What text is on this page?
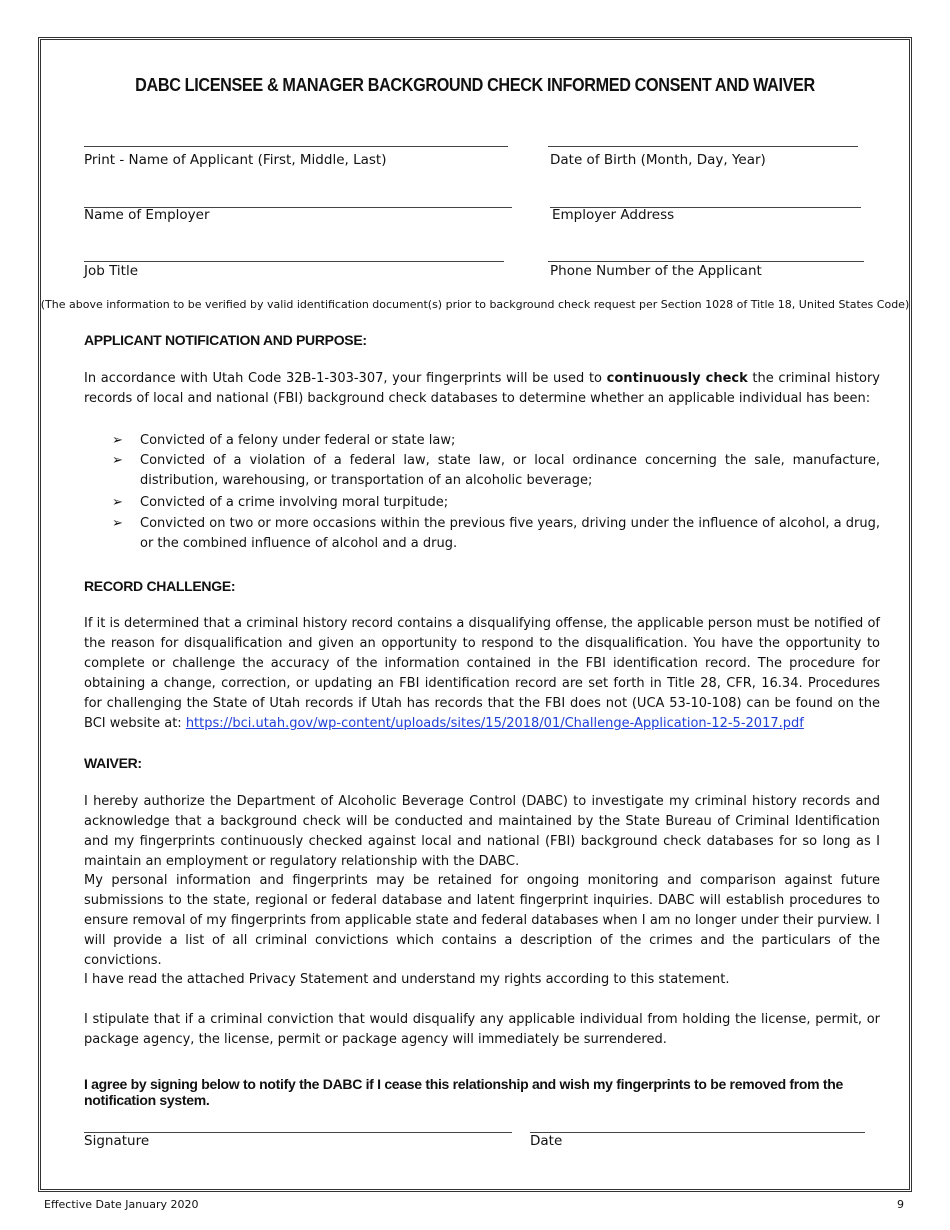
DABC LICENSEE & MANAGER BACKGROUND CHECK INFORMED CONSENT AND WAIVER
Print - Name of Applicant (First, Middle, Last)	Date of Birth (Month, Day, Year)
Name of Employer	Employer Address
Job Title	Phone Number of the Applicant
(The above information to be verified by valid identification document(s) prior to background check request per Section 1028 of Title 18, United States Code)
APPLICANT NOTIFICATION AND PURPOSE:
In accordance with Utah Code 32B-1-303-307, your fingerprints will be used to continuously check the criminal history records of local and national (FBI) background check databases to determine whether an applicable individual has been:
➢ Convicted of a felony under federal or state law;
➢ Convicted of a violation of a federal law, state law, or local ordinance concerning the sale, manufacture, distribution, warehousing, or transportation of an alcoholic beverage;
➢ Convicted of a crime involving moral turpitude;
➢ Convicted on two or more occasions within the previous five years, driving under the influence of alcohol, a drug, or the combined influence of alcohol and a drug.
RECORD CHALLENGE:
If it is determined that a criminal history record contains a disqualifying offense, the applicable person must be notified of the reason for disqualification and given an opportunity to respond to the disqualification. You have the opportunity to complete or challenge the accuracy of the information contained in the FBI identification record. The procedure for obtaining a change, correction, or updating an FBI identification record are set forth in Title 28, CFR, 16.34. Procedures for challenging the State of Utah records if Utah has records that the FBI does not (UCA 53-10-108) can be found on the BCI website at: https://bci.utah.gov/wp-content/uploads/sites/15/2018/01/Challenge-Application-12-5-2017.pdf
WAIVER:
I hereby authorize the Department of Alcoholic Beverage Control (DABC) to investigate my criminal history records and acknowledge that a background check will be conducted and maintained by the State Bureau of Criminal Identification and my fingerprints continuously checked against local and national (FBI) background check databases for so long as I maintain an employment or regulatory relationship with the DABC.
My personal information and fingerprints may be retained for ongoing monitoring and comparison against future submissions to the state, regional or federal database and latent fingerprint inquiries. DABC will establish procedures to ensure removal of my fingerprints from applicable state and federal databases when I am no longer under their purview. I will provide a list of all criminal convictions which contains a description of the crimes and the particulars of the convictions.
I have read the attached Privacy Statement and understand my rights according to this statement.
I stipulate that if a criminal conviction that would disqualify any applicable individual from holding the license, permit, or package agency, the license, permit or package agency will immediately be surrendered.
I agree by signing below to notify the DABC if I cease this relationship and wish my fingerprints to be removed from the notification system.
Signature	Date
Effective Date January 2020	9
